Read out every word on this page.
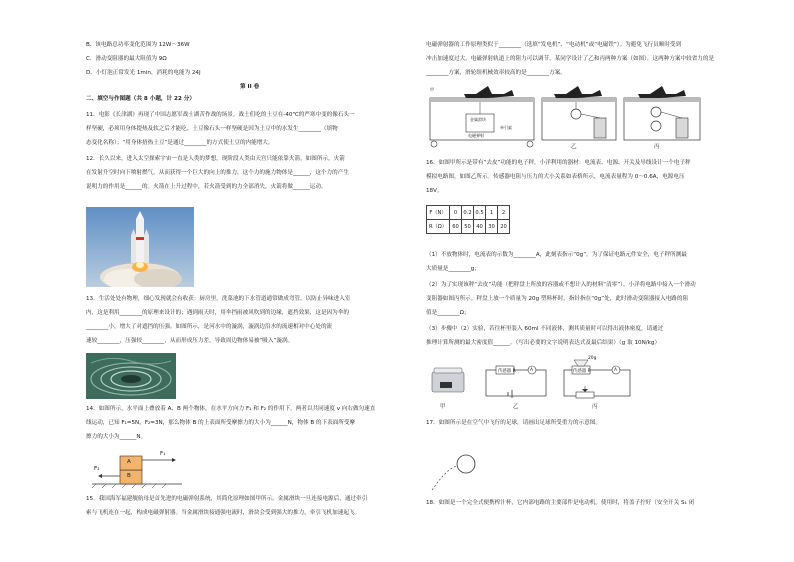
B．该电路总功率变化范围为 12W～36W
C．滑动变阻器的最大阻值为 9Ω
D．小灯泡正常发光 1min，消耗的电能为 24J
第 II 卷
二、填空与作图题（共 8 小题，计 22 分）
11．电影《长津湖》再现了中国志愿军战士湖苦作战的场景。战士们吃的土豆在-40℃的严寒中变的像石头一
样坚硬，必须用身体提热及软之后才能吃。土豆像石头一样坚硬是因为土豆中的水发生________（填物
态变化名称）；“用身体捂热土豆”是通过________的方式使土豆的内能增大。
12．长久以来，进入太空探索宇宙一直是人类的梦想，现阶段人类由天宫只能依靠火箭。如图所示，火箭
在发射升空时向下喷射燃气，从而获得一个巨大的向上的推力，这个力的施力物体是______，这个力的产生
说明力的作用是______的。火箭在上升过程中，若火箭受到的力全部消失，火箭将做______运动。
13．生活处处有物理，细心发现就会有收获：厨房里，洗菜池的下水管道通常做成弯管，以防止异味进入室
内，这是利用________的原理来设计的；遇到雨天时，用伞挡雨被风吹到的边缘，遮挡效果，这是因为伞的
________小，增大了对遮挡的压强。如图所示，是河水中的漩涡，漩涡边沿水的流速相对中心处的流
速较________，压强较________，从而形成压力差，导致周边物体易被“吸入”漩涡。
14．如图所示，水平面上叠放着 A、B 两个物体，在水平方向力 F₁ 和 F₂ 的作用下，两者以共同速度 v 向右做匀速直
线运动，已知 F₁=5N，F₂=3N，那么物体 B 的上表面所受摩擦力的大小为______N，物体 B 的下表面所受摩
擦力的大小为______N。
A
B
F₁
F₂
15．我国海军福建舰航母是首先进的电磁弹射系统，其简化原理如图甲所示。金属滑块一旦连接电源后，通过牵引
索与飞机连在一起，构成电磁弹射器。当金属滑块接通强电流时，滑块会受到强大的推力，牵引飞机加速起飞。
电磁弹射器的工作原理类似于________（选填“发电机”、“电动机”或“电磁铁”）。为避免飞行员顺时受到
冲击加速度过大，电磁弹射轨道上的阻力可以调节，某同学设计了乙和丙两种方案（如图），这两种方案中较省力的是
________方案，滑轮组机械效率较高的是________方案。
甲
金属滑块
牵引索
电磁弹射
乙	丙
16．如图甲所示是带有“去皮”功能的电子秤，小洋利用的器材：电流表、电源、开关及导线设计一个电子秤
模拟电路图，如图乙所示。传感器电阻与压力的大小关系如表格所示，电流表量程为 0～0.6A，电源电压
18V。
F（N）	0	0.2	0.5	1	2
R（Ω）	60	50	40	30	20
（1）不放物体时，电流表的示数为________A，此刻表指示“0g”。为了保证电路元件安全，电子秤所测最
大质量是________g；
（2）为了实现该秤“去皮”功能（把秤盘上所放的容器或不想计入的材料“清零”）。小洋将电路中接入一个滑动
变阻器如图丙所示。秤盘上放一个质量为 20g 塑料杯时，指针指在“0g”处，此时滑动变阻器接入电路的阻
值是________Ω；
（3）步骤中（2）实验，若往杯里装入 60ml 不同液体，测其质量时可以得出液体密度，请通过
推理计算所测的最大密度值______。（写出必要的文字说明表达式及最后结果）（g 取 10N/kg）
传感器 R	A	传感器 R	A
20g
甲	乙	丙
17．如图所示是在空气中飞行的足球，请画出足球所受重力的示意图。
18．如图是一个完全式便携榨汁杯，它内部电路的主要部件是电动机。使用时，将盖子拧好（安全开关 S₁ 闭
